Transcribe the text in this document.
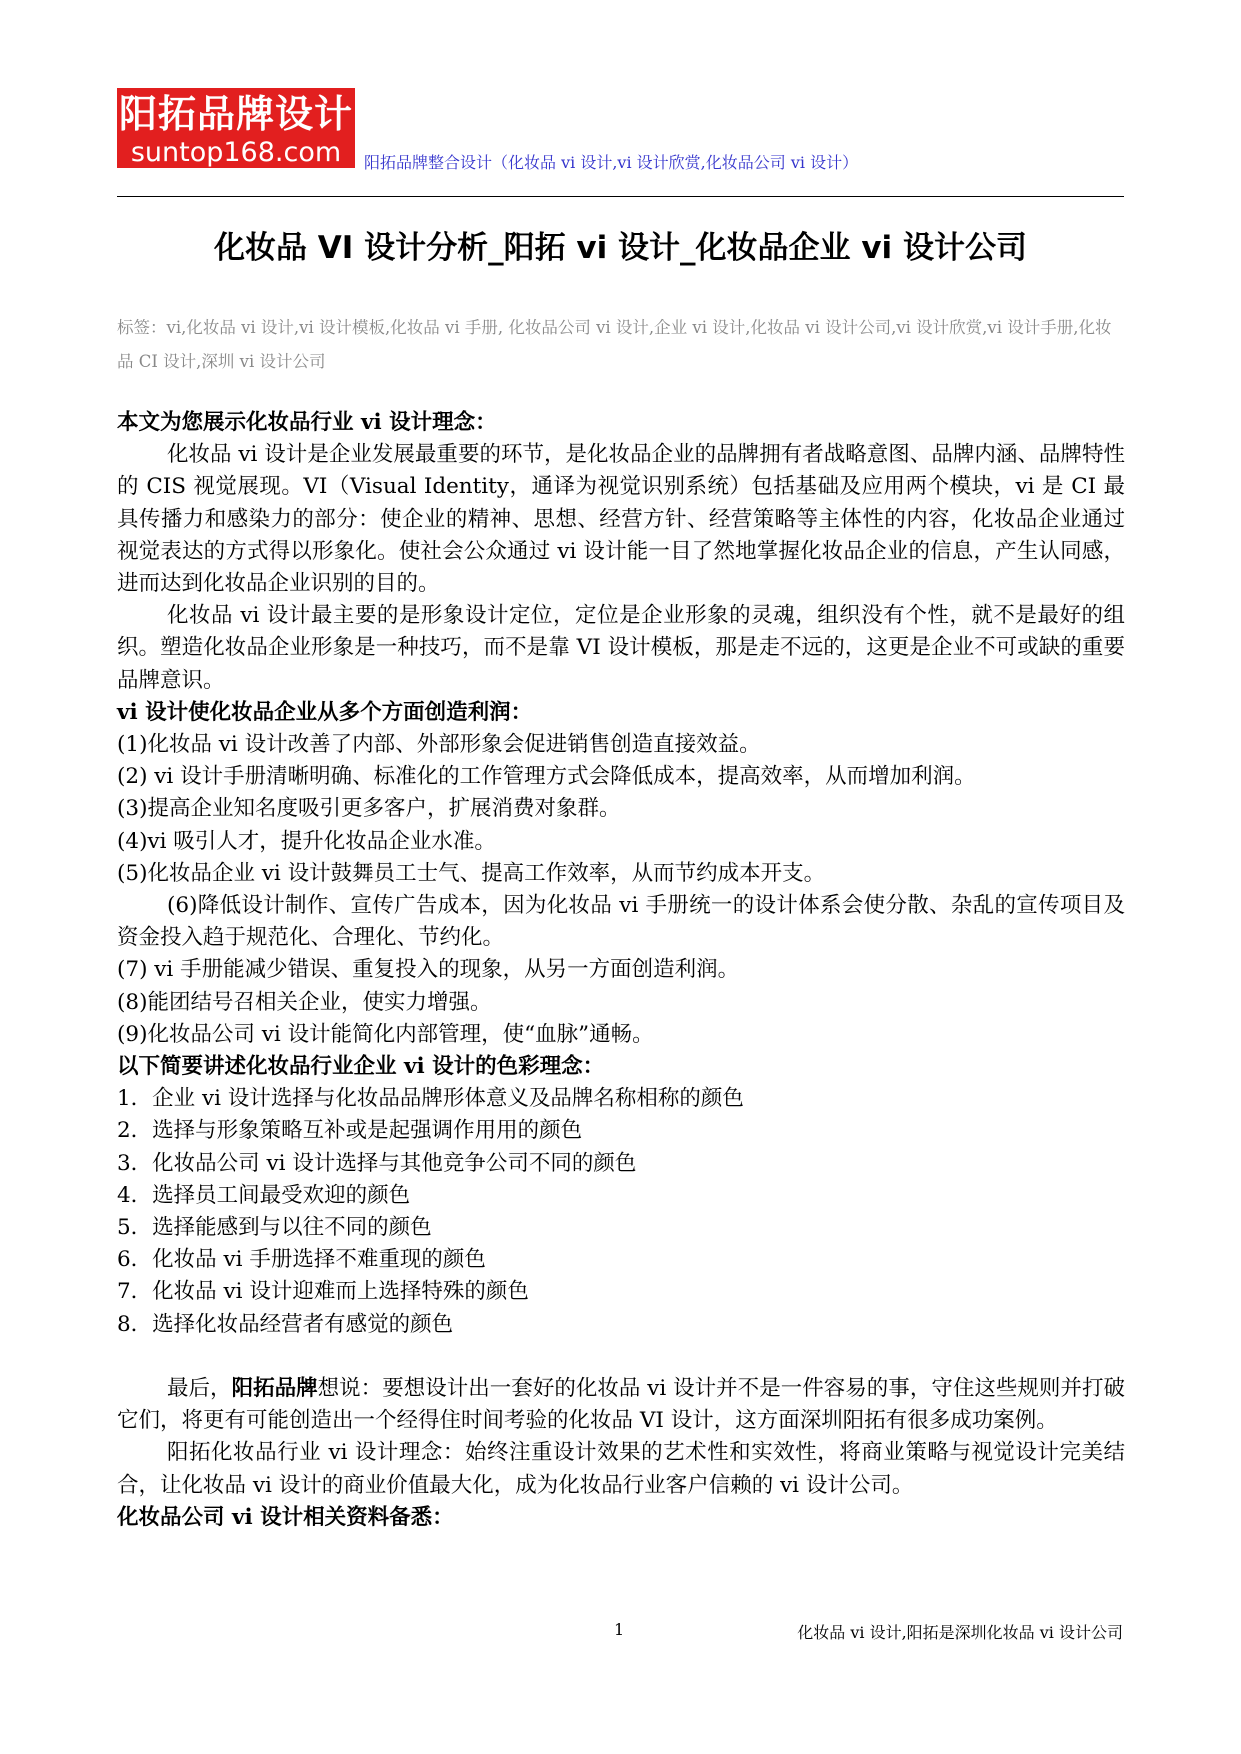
阳拓品牌设计
suntop168.com	阳拓品牌整合设计（化妆品 vi 设计,vi 设计欣赏,化妆品公司 vi 设计）
化妆品 VI 设计分析_阳拓 vi 设计_化妆品企业 vi 设计公司
标签：vi,化妆品 vi 设计,vi 设计模板,化妆品 vi 手册, 化妆品公司 vi 设计,企业 vi 设计,化妆品 vi 设计公司,vi 设计欣赏,vi 设计手册,化妆品 CI 设计,深圳 vi 设计公司

本文为您展示化妆品行业 vi 设计理念：

化妆品 vi 设计是企业发展最重要的环节，是化妆品企业的品牌拥有者战略意图、品牌内涵、品牌特性的 CIS 视觉展现。VI（Visual Identity，通译为视觉识别系统）包括基础及应用两个模块，vi 是 CI 最具传播力和感染力的部分：使企业的精神、思想、经营方针、经营策略等主体性的内容，化妆品企业通过视觉表达的方式得以形象化。使社会公众通过 vi 设计能一目了然地掌握化妆品企业的信息，产生认同感，进而达到化妆品企业识别的目的。

化妆品 vi 设计最主要的是形象设计定位，定位是企业形象的灵魂，组织没有个性，就不是最好的组织。塑造化妆品企业形象是一种技巧，而不是靠 VI 设计模板，那是走不远的，这更是企业不可或缺的重要品牌意识。

vi 设计使化妆品企业从多个方面创造利润：

(1)化妆品 vi 设计改善了内部、外部形象会促进销售创造直接效益。

(2) vi 设计手册清晰明确、标准化的工作管理方式会降低成本，提高效率，从而增加利润。

(3)提高企业知名度吸引更多客户，扩展消费对象群。

(4)vi 吸引人才，提升化妆品企业水准。

(5)化妆品企业 vi 设计鼓舞员工士气、提高工作效率，从而节约成本开支。

(6)降低设计制作、宣传广告成本，因为化妆品 vi 手册统一的设计体系会使分散、杂乱的宣传项目及资金投入趋于规范化、合理化、节约化。

(7) vi 手册能减少错误、重复投入的现象，从另一方面创造利润。

(8)能团结号召相关企业，使实力增强。

(9)化妆品公司 vi 设计能简化内部管理，使“血脉”通畅。

以下简要讲述化妆品行业企业 vi 设计的色彩理念：

1．企业 vi 设计选择与化妆品品牌形体意义及品牌名称相称的颜色

2．选择与形象策略互补或是起强调作用用的颜色

3．化妆品公司 vi 设计选择与其他竞争公司不同的颜色

4．选择员工间最受欢迎的颜色

5．选择能感到与以往不同的颜色

6．化妆品 vi 手册选择不难重现的颜色

7．化妆品 vi 设计迎难而上选择特殊的颜色

8．选择化妆品经营者有感觉的颜色

最后，阳拓品牌想说：要想设计出一套好的化妆品 vi 设计并不是一件容易的事，守住这些规则并打破它们，将更有可能创造出一个经得住时间考验的化妆品 VI 设计，这方面深圳阳拓有很多成功案例。

阳拓化妆品行业 vi 设计理念：始终注重设计效果的艺术性和实效性，将商业策略与视觉设计完美结合，让化妆品 vi 设计的商业价值最大化，成为化妆品行业客户信赖的 vi 设计公司。

化妆品公司 vi 设计相关资料备悉：

1	化妆品 vi 设计,阳拓是深圳化妆品 vi 设计公司
